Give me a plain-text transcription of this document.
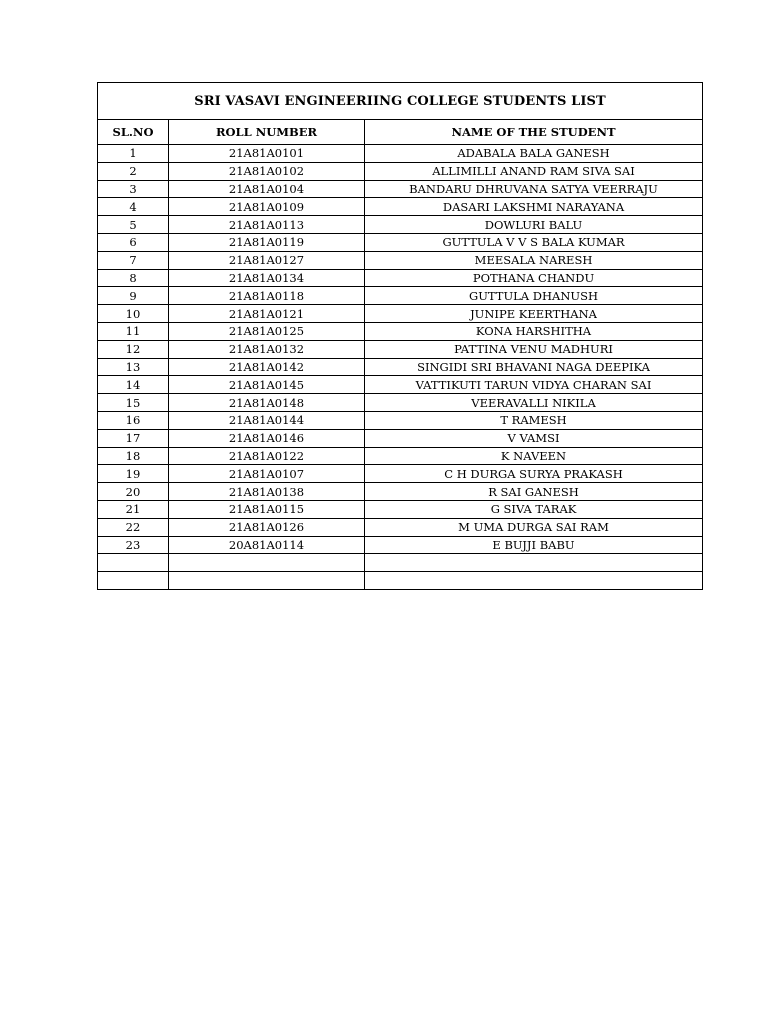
SRI VASAVI ENGINEERIING COLLEGE STUDENTS LIST		
SL.NO	ROLL NUMBER	NAME OF THE STUDENT
1	21A81A0101	ADABALA BALA GANESH
2	21A81A0102	ALLIMILLI ANAND RAM SIVA SAI
3	21A81A0104	BANDARU DHRUVANA SATYA VEERRAJU
4	21A81A0109	DASARI LAKSHMI NARAYANA
5	21A81A0113	DOWLURI BALU
6	21A81A0119	GUTTULA V V S BALA KUMAR
7	21A81A0127	MEESALA NARESH
8	21A81A0134	POTHANA CHANDU
9	21A81A0118	GUTTULA DHANUSH
10	21A81A0121	JUNIPE KEERTHANA
11	21A81A0125	KONA HARSHITHA
12	21A81A0132	PATTINA VENU MADHURI
13	21A81A0142	SINGIDI SRI BHAVANI NAGA DEEPIKA
14	21A81A0145	VATTIKUTI TARUN VIDYA CHARAN SAI
15	21A81A0148	VEERAVALLI NIKILA
16	21A81A0144	T RAMESH
17	21A81A0146	V VAMSI
18	21A81A0122	K NAVEEN
19	21A81A0107	C H DURGA SURYA PRAKASH
20	21A81A0138	R SAI GANESH
21	21A81A0115	G SIVA TARAK
22	21A81A0126	M UMA DURGA SAI RAM
23	20A81A0114	E BUJJI BABU
